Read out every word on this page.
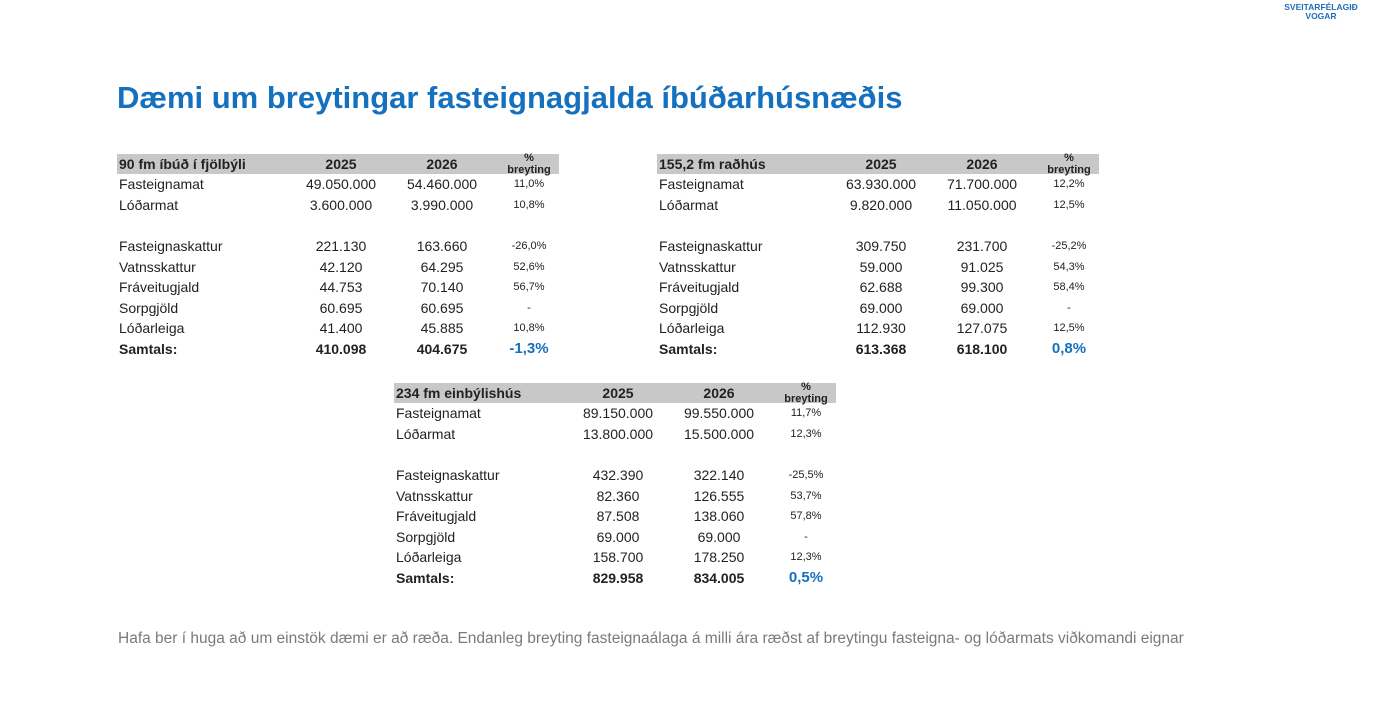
SVEITARFÉLAGIÐ
VOGAR
Dæmi um breytingar fasteignagjalda íbúðarhúsnæðis
90 fm íbúð í fjölbýli	2025	2026	% breyting
Fasteignamat	49.050.000	54.460.000	11,0%
Lóðarmat	3.600.000	3.990.000	10,8%
Fasteignaskattur	221.130	163.660	-26,0%
Vatnsskattur	42.120	64.295	52,6%
Fráveitugjald	44.753	70.140	56,7%
Sorpgjöld	60.695	60.695	-
Lóðarleiga	41.400	45.885	10,8%
Samtals:	410.098	404.675	-1,3%
155,2 fm raðhús	2025	2026	% breyting
Fasteignamat	63.930.000	71.700.000	12,2%
Lóðarmat	9.820.000	11.050.000	12,5%
Fasteignaskattur	309.750	231.700	-25,2%
Vatnsskattur	59.000	91.025	54,3%
Fráveitugjald	62.688	99.300	58,4%
Sorpgjöld	69.000	69.000	-
Lóðarleiga	112.930	127.075	12,5%
Samtals:	613.368	618.100	0,8%
234 fm einbýlishús	2025	2026	% breyting
Fasteignamat	89.150.000	99.550.000	11,7%
Lóðarmat	13.800.000	15.500.000	12,3%
Fasteignaskattur	432.390	322.140	-25,5%
Vatnsskattur	82.360	126.555	53,7%
Fráveitugjald	87.508	138.060	57,8%
Sorpgjöld	69.000	69.000	-
Lóðarleiga	158.700	178.250	12,3%
Samtals:	829.958	834.005	0,5%

Hafa ber í huga að um einstök dæmi er að ræða. Endanleg breyting fasteignaálaga á milli ára ræðst af breytingu fasteigna- og lóðarmats viðkomandi eignar
